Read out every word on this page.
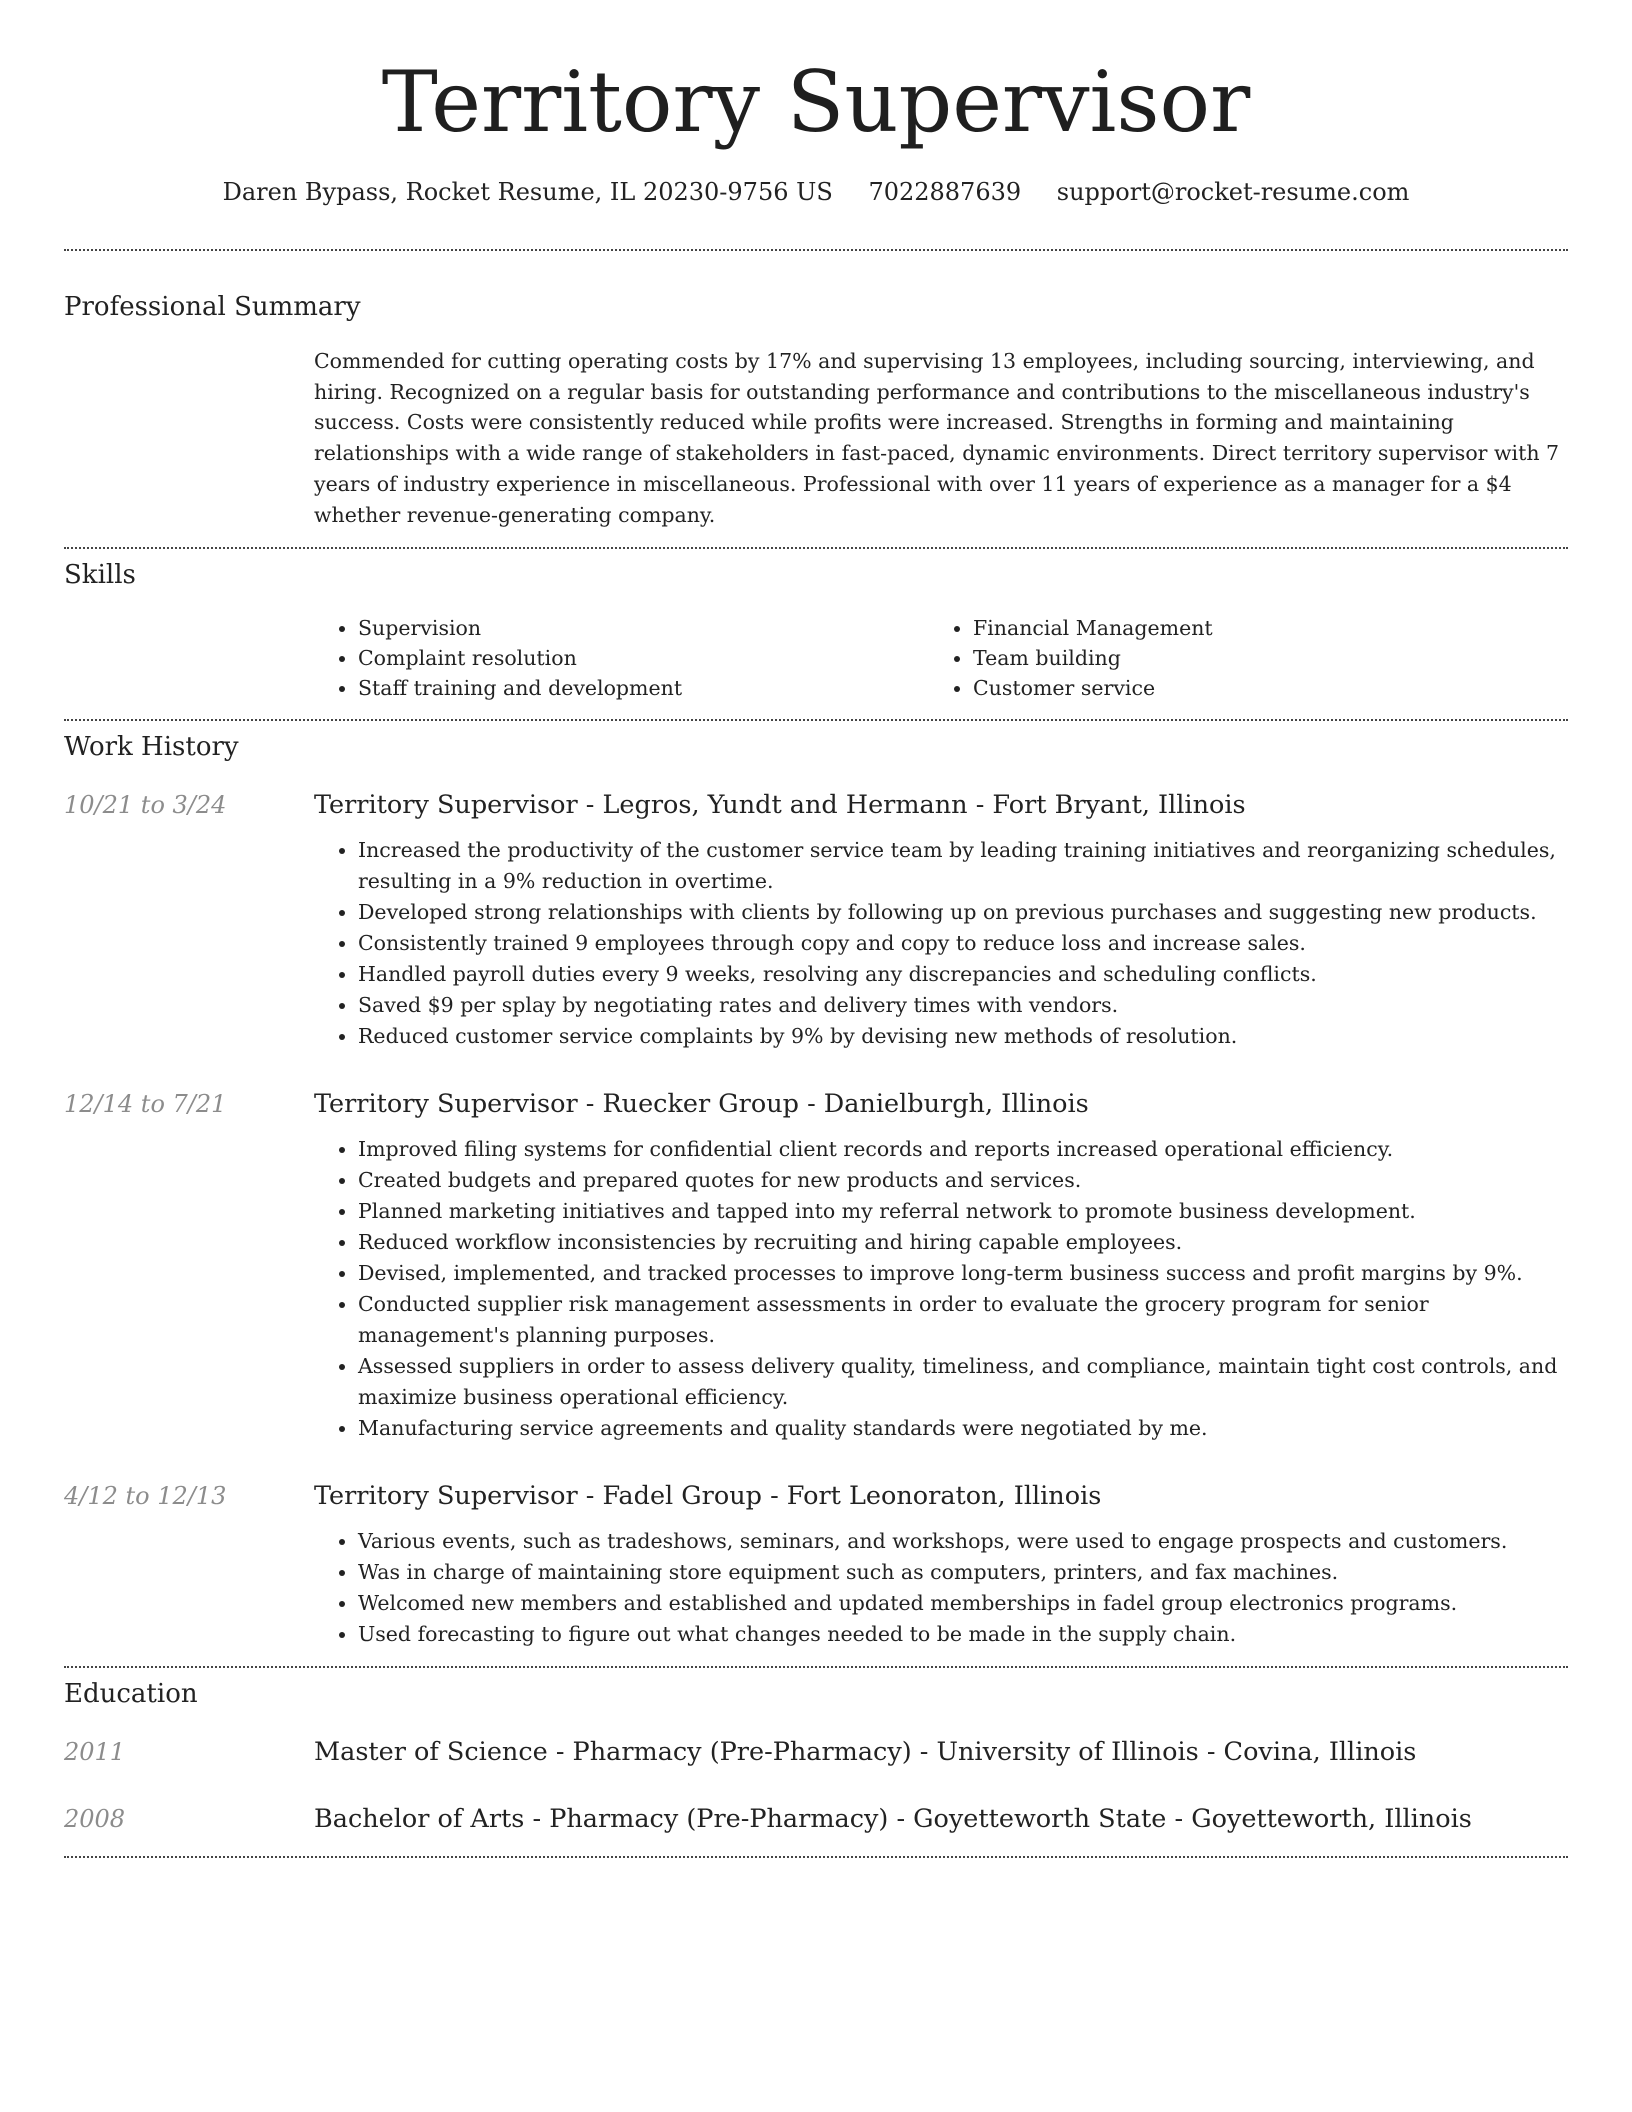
Territory Supervisor
Daren Bypass, Rocket Resume, IL 20230-9756 US 7022887639 support@rocket-resume.com
Professional Summary
Commended for cutting operating costs by 17% and supervising 13 employees, including sourcing, interviewing, and hiring. Recognized on a regular basis for outstanding performance and contributions to the miscellaneous industry's success. Costs were consistently reduced while profits were increased. Strengths in forming and maintaining relationships with a wide range of stakeholders in fast-paced, dynamic environments. Direct territory supervisor with 7 years of industry experience in miscellaneous. Professional with over 11 years of experience as a manager for a $4 whether revenue-generating company.
Skills
• Supervision
• Complaint resolution
• Staff training and development
• Financial Management
• Team building
• Customer service
Work History
10/21 to 3/24	Territory Supervisor - Legros, Yundt and Hermann - Fort Bryant, Illinois
• Increased the productivity of the customer service team by leading training initiatives and reorganizing schedules, resulting in a 9% reduction in overtime.
• Developed strong relationships with clients by following up on previous purchases and suggesting new products.
• Consistently trained 9 employees through copy and copy to reduce loss and increase sales.
• Handled payroll duties every 9 weeks, resolving any discrepancies and scheduling conflicts.
• Saved $9 per splay by negotiating rates and delivery times with vendors.
• Reduced customer service complaints by 9% by devising new methods of resolution.
12/14 to 7/21	Territory Supervisor - Ruecker Group - Danielburgh, Illinois
• Improved filing systems for confidential client records and reports increased operational efficiency.
• Created budgets and prepared quotes for new products and services.
• Planned marketing initiatives and tapped into my referral network to promote business development.
• Reduced workflow inconsistencies by recruiting and hiring capable employees.
• Devised, implemented, and tracked processes to improve long-term business success and profit margins by 9%.
• Conducted supplier risk management assessments in order to evaluate the grocery program for senior management's planning purposes.
• Assessed suppliers in order to assess delivery quality, timeliness, and compliance, maintain tight cost controls, and maximize business operational efficiency.
• Manufacturing service agreements and quality standards were negotiated by me.
4/12 to 12/13	Territory Supervisor - Fadel Group - Fort Leonoraton, Illinois
• Various events, such as tradeshows, seminars, and workshops, were used to engage prospects and customers.
• Was in charge of maintaining store equipment such as computers, printers, and fax machines.
• Welcomed new members and established and updated memberships in fadel group electronics programs.
• Used forecasting to figure out what changes needed to be made in the supply chain.
Education
2011	Master of Science - Pharmacy (Pre-Pharmacy) - University of Illinois - Covina, Illinois
2008	Bachelor of Arts - Pharmacy (Pre-Pharmacy) - Goyetteworth State - Goyetteworth, Illinois
